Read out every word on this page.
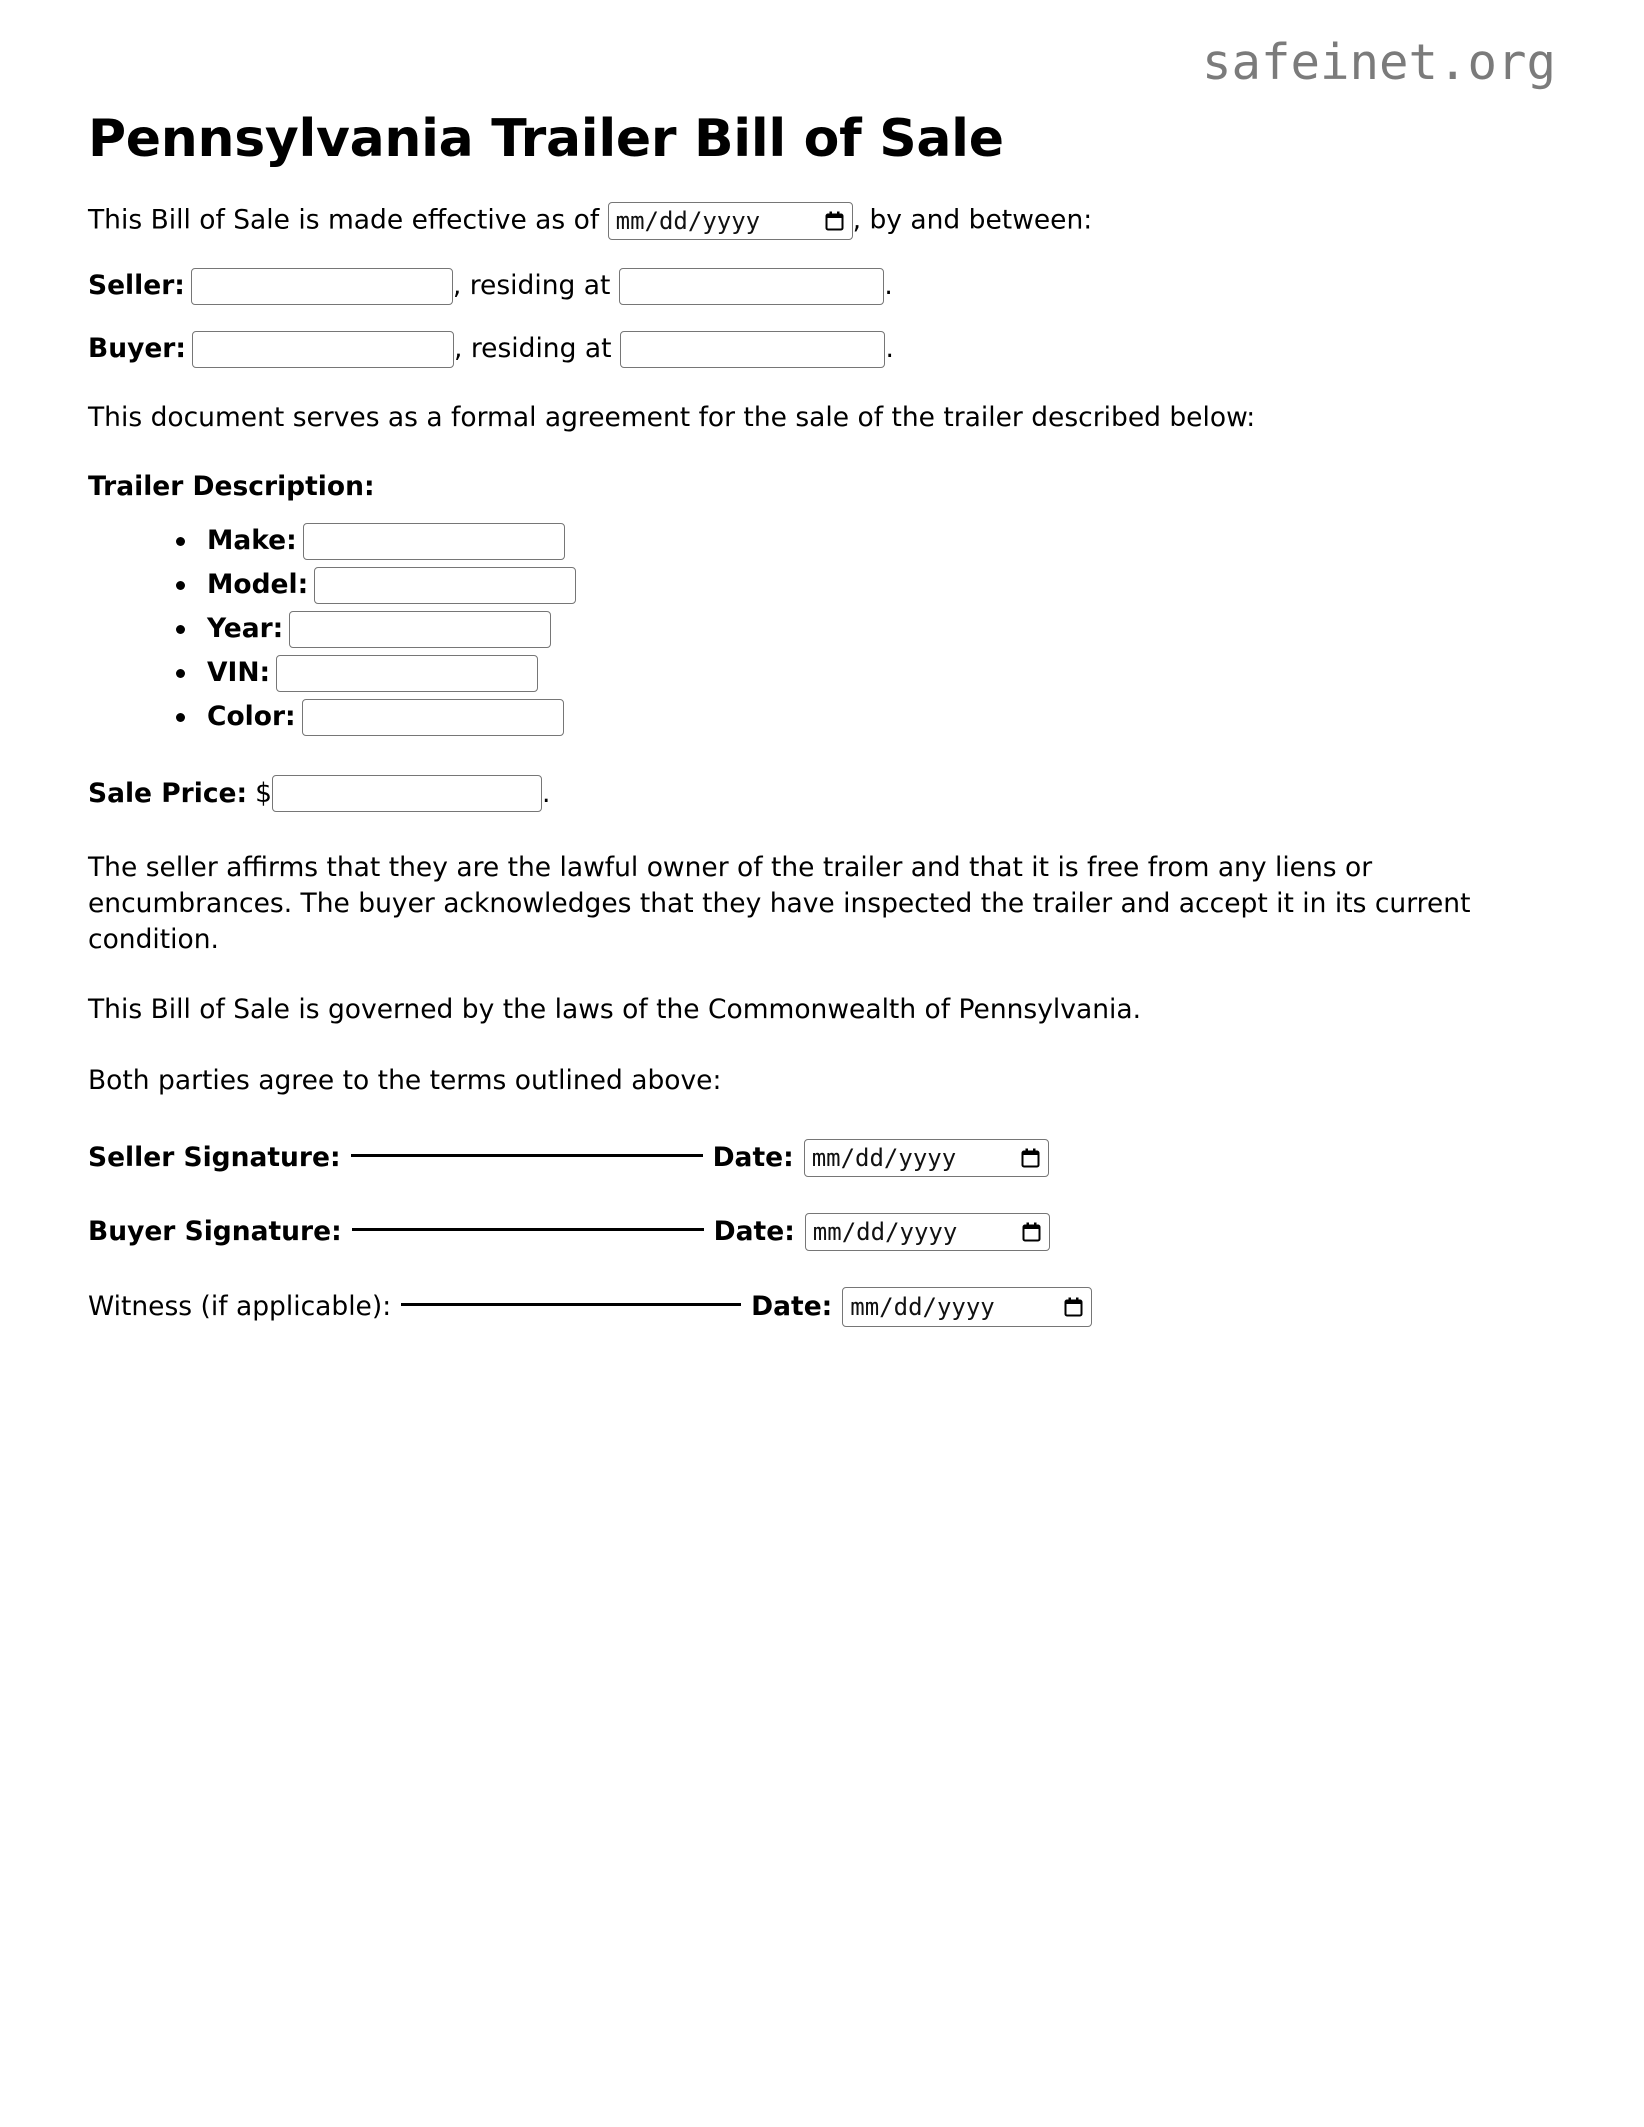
safeinet.org
Pennsylvania Trailer Bill of Sale

This Bill of Sale is made effective as of mm/dd/yyyy	, by and between:

Seller:	, residing at	.
Buyer:	, residing at	.

This document serves as a formal agreement for the sale of the trailer described below:

Trailer Description:

Make:
Model:
Year:
VIN:
Color:
Sale Price: $	.

The seller affirms that they are the lawful owner of the trailer and that it is free from any liens or encumbrances. The buyer acknowledges that they have inspected the trailer and accept it in its current condition.

This Bill of Sale is governed by the laws of the Commonwealth of Pennsylvania.

Both parties agree to the terms outlined above:

Seller Signature:	Date: mm/dd/yyyy
Buyer Signature:	Date: mm/dd/yyyy
Witness (if applicable):	Date: mm/dd/yyyy
